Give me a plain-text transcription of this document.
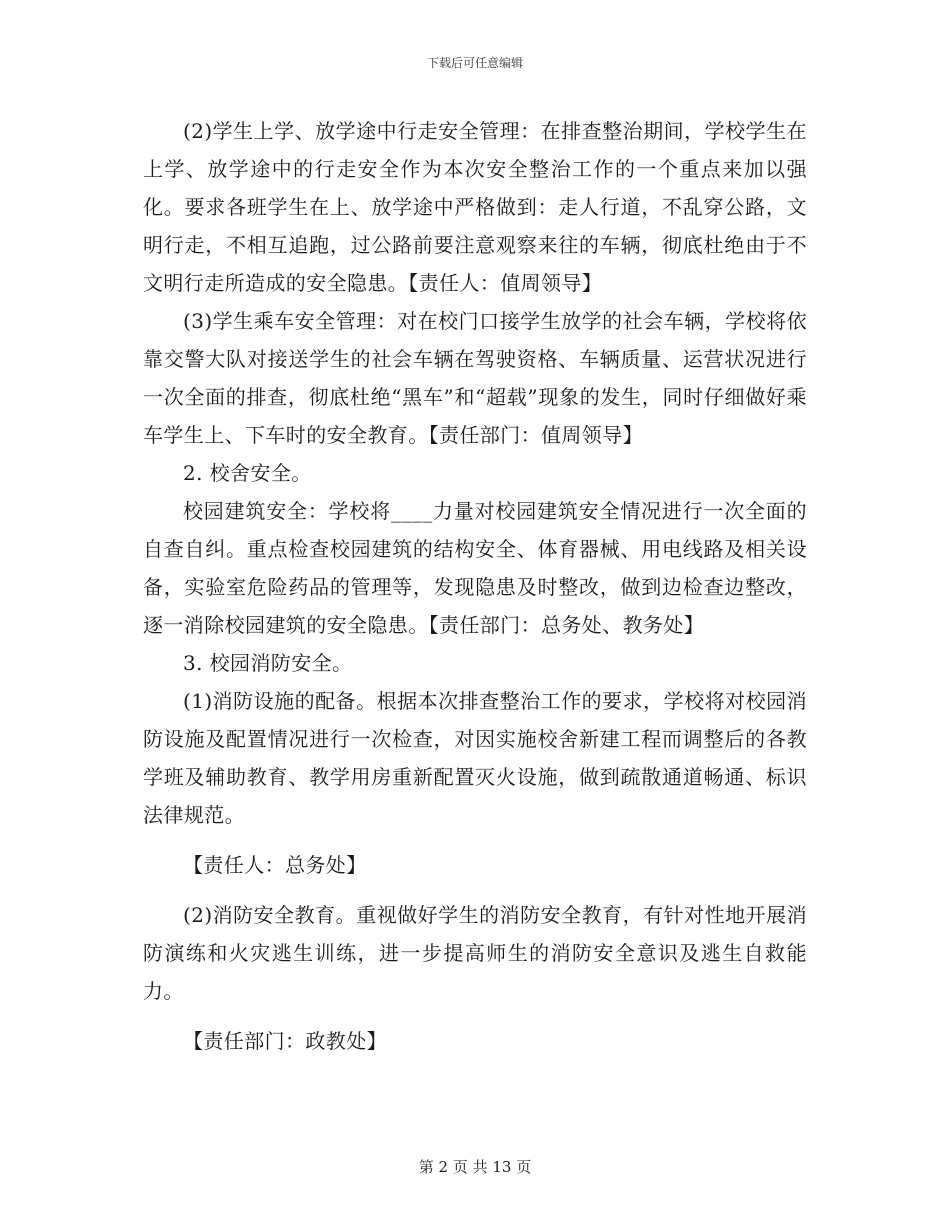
下载后可任意编辑

(2)学生上学、放学途中行走安全管理：在排查整治期间，学校学生在上学、放学途中的行走安全作为本次安全整治工作的一个重点来加以强化。要求各班学生在上、放学途中严格做到：走人行道，不乱穿公路，文明行走，不相互追跑，过公路前要注意观察来往的车辆，彻底杜绝由于不文明行走所造成的安全隐患。【责任人：值周领导】

(3)学生乘车安全管理：对在校门口接学生放学的社会车辆，学校将依靠交警大队对接送学生的社会车辆在驾驶资格、车辆质量、运营状况进行一次全面的排查，彻底杜绝“黑车”和“超载”现象的发生，同时仔细做好乘车学生上、下车时的安全教育。【责任部门：值周领导】

2. 校舍安全。

校园建筑安全：学校将____力量对校园建筑安全情况进行一次全面的自查自纠。重点检查校园建筑的结构安全、体育器械、用电线路及相关设备，实验室危险药品的管理等，发现隐患及时整改，做到边检查边整改，逐一消除校园建筑的安全隐患。【责任部门：总务处、教务处】

3. 校园消防安全。

(1)消防设施的配备。根据本次排查整治工作的要求，学校将对校园消防设施及配置情况进行一次检查，对因实施校舍新建工程而调整后的各教学班及辅助教育、教学用房重新配置灭火设施，做到疏散通道畅通、标识法律规范。

【责任人：总务处】

(2)消防安全教育。重视做好学生的消防安全教育，有针对性地开展消防演练和火灾逃生训练，进一步提高师生的消防安全意识及逃生自救能力。

【责任部门：政教处】

第 2 页 共 13 页
